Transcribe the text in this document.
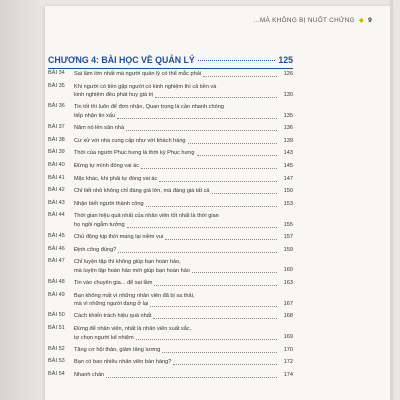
...MÀ KHÔNG BỊ NUỐT CHỬNG ◆ 9
CHƯƠNG 4: BÀI HỌC VỀ QUẢN LÝ	125
BÀI 34	Sai lầm lớn nhất mà người quản lý có thể mắc phải	126
BÀI 35	Khi người có tiền gặp người có kinh nghiệm thì cả tiền và
kinh nghiệm đều phát huy giá trị	130
BÀI 36	Tin tốt thì luôn để đơn nhận, Quan trọng là cần nhanh chóng
tiếp nhận tin xấu	135
BÀI 37	Năm nó lên sân nhà	136
BÀI 38	Cư xử với nhà cung cấp như với khách hàng	139
BÀI 39	Thời của người Phục hưng là thời kỳ Phục hưng	143
BÀI 40	Đừng tự mình đóng vai ác	145
BÀI 41	Mặc khác, khi phải tự đóng vai ác	147
BÀI 42	Chỉ tiết nhỏ không chỉ đáng giá lớn, mà đáng giá tất cả	150
BÀI 43	Nhận biết người thành công	153
BÀI 44	Thời gian hiệu quả nhất của nhân viên tốt nhất là thời gian
họ ngồi ngẫm tưởng	155
BÀI 45	Chủ động kịp thời mang lại niềm vui	157
BÀI 46	Định công đúng?	159
BÀI 47	Chỉ luyện tập thì không giúp bạn hoàn hảo,
mà luyện tập hoàn hảo mới giúp bạn hoàn hảo	160
BÀI 48	Tin vào chuyên gia... để sai lầm	163
BÀI 49	Bạn không mất vì những nhân viên đã bị sa thải,
mà vì những người đang ở lại	167
BÀI 50	Cách khiến trách hiệu quả nhất	168
BÀI 51	Đừng để nhân viên, nhất là nhân viên xuất sắc,
tự chọn người kế nhiệm	169
BÀI 52	Tăng cơ hội thảo, giảm tăng lương	170
BÀI 53	Bạn có bao nhiêu nhân viên bán hàng?	172
BÀI 54	Nhanh chân	174
